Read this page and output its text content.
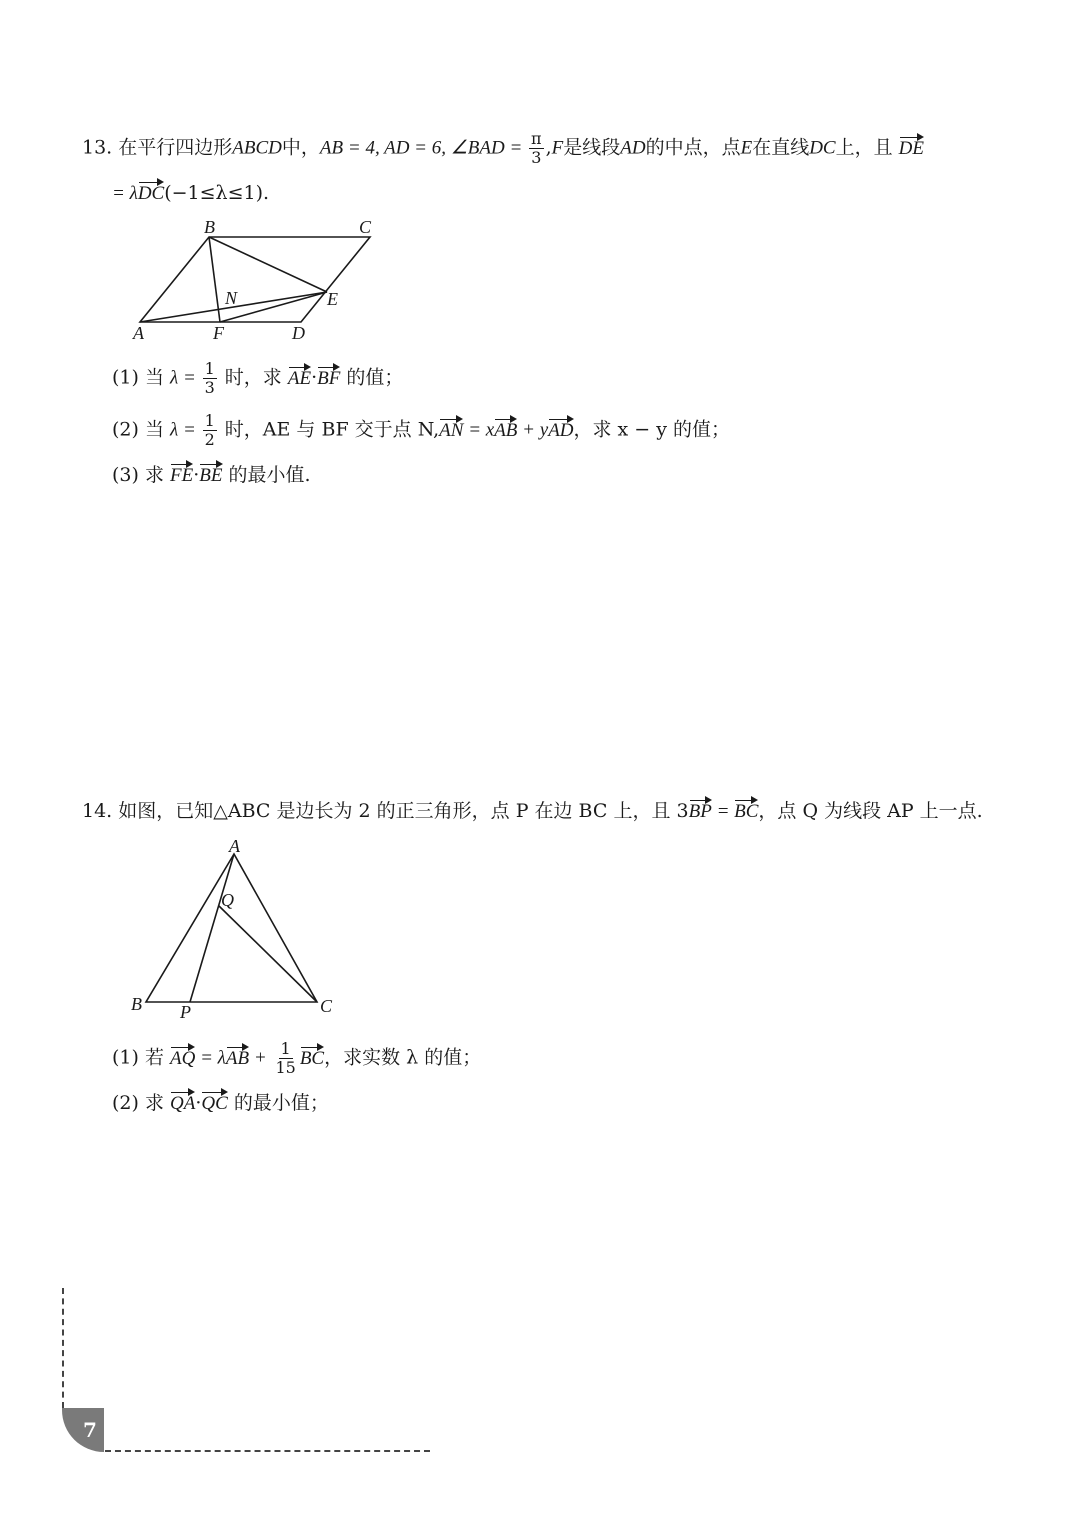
13. 在平行四边形ABCD中，AB = 4, AD = 6, ∠BAD = $\frac{\pi}{3} ,F$是线段AD的中点，点E在直线DC上，且 DE
= λDC(−1≤λ≤1).
A
B	C
D
E
F
N
(1) 当 $\lambda = \frac{1}{3}$ 时，求 AE·BF 的值；
(2) 当 $\lambda = \frac{1}{2}$ 时，AE 与 BF 交于点 N,AN = xAB + yAD，求 x − y 的值；
(3) 求 FE·BE 的最小值.
14. 如图，已知△ABC 是边长为 2 的正三角形，点 P 在边 BC 上，且 3BP = BC，点 Q 为线段 AP 上一点.
A
B	C
P
Q
(1) 若 AQ = $\lambda AB + \frac{1}{15}$ BC，求实数 λ 的值；
(2) 求 QA·QC 的最小值；
7
